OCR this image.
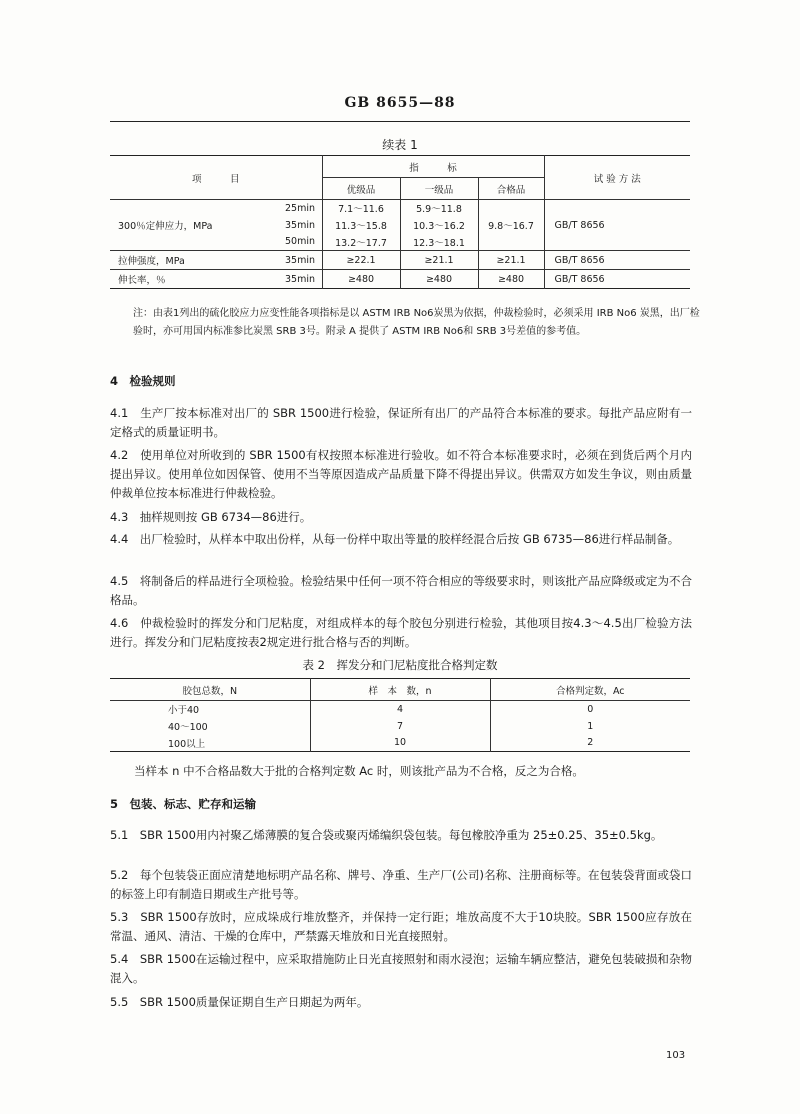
GB 8655—88
续表 1
项　　　目		指　　　标			试 验 方 法
		优级品	一级品	合格品	
300％定伸应力，MPa	25min	7.1～11.6	5.9～11.8	9.8～16.7	GB/T 8656
	35min	11.3～15.8	10.3～16.2		
	50min	13.2～17.7	12.3～18.1		
拉伸强度，MPa	35min	≥22.1	≥21.1	≥21.1	GB/T 8656
伸长率，％	35min	≥480	≥480	≥480	GB/T 8656
注：由表1列出的硫化胶应力应变性能各项指标是以 ASTM IRB No6炭黑为依据，仲裁检验时，必须采用 IRB No6 炭黑，出厂检验时，亦可用国内标准参比炭黑 SRB 3号。附录 A 提供了 ASTM IRB No6和 SRB 3号差值的参考值。
4　检验规则
4.1　生产厂按本标准对出厂的 SBR 1500进行检验，保证所有出厂的产品符合本标准的要求。每批产品应附有一定格式的质量证明书。
4.2　使用单位对所收到的 SBR 1500有权按照本标准进行验收。如不符合本标准要求时，必须在到货后两个月内提出异议。使用单位如因保管、使用不当等原因造成产品质量下降不得提出异议。供需双方如发生争议，则由质量仲裁单位按本标准进行仲裁检验。
4.3　抽样规则按 GB 6734—86进行。
4.4　出厂检验时，从样本中取出份样，从每一份样中取出等量的胶样经混合后按 GB 6735—86进行样品制备。
4.5　将制备后的样品进行全项检验。检验结果中任何一项不符合相应的等级要求时，则该批产品应降级或定为不合格品。
4.6　仲裁检验时的挥发分和门尼粘度，对组成样本的每个胶包分别进行检验，其他项目按4.3～4.5出厂检验方法进行。挥发分和门尼粘度按表2规定进行批合格与否的判断。
表 2　挥发分和门尼粘度批合格判定数
胶包总数，N	样　本　数，n	合格判定数，Ac
小于40	4	0
40～100	7	1
100以上	10	2
当样本 n 中不合格品数大于批的合格判定数 Ac 时，则该批产品为不合格，反之为合格。
5　包装、标志、贮存和运输
5.1　SBR 1500用内衬聚乙烯薄膜的复合袋或聚丙烯编织袋包装。每包橡胶净重为 25±0.25、35±0.5kg。
5.2　每个包装袋正面应清楚地标明产品名称、牌号、净重、生产厂(公司)名称、注册商标等。在包装袋背面或袋口的标签上印有制造日期或生产批号等。
5.3　SBR 1500存放时，应成垛成行堆放整齐，并保持一定行距；堆放高度不大于10块胶。SBR 1500应存放在常温、通风、清洁、干燥的仓库中，严禁露天堆放和日光直接照射。
5.4　SBR 1500在运输过程中，应采取措施防止日光直接照射和雨水浸泡；运输车辆应整洁，避免包装破损和杂物混入。
5.5　SBR 1500质量保证期自生产日期起为两年。
103
